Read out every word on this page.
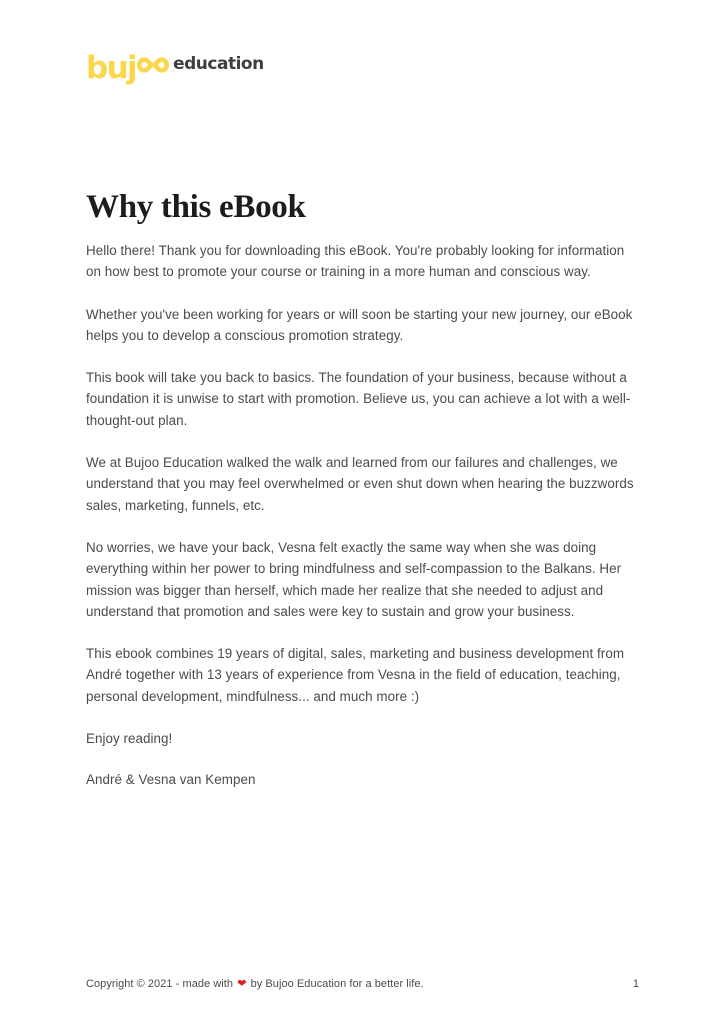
buj education
Why this eBook

Hello there! Thank you for downloading this eBook. You're probably looking for information on how best to promote your course or training in a more human and conscious way.

Whether you've been working for years or will soon be starting your new journey, our eBook helps you to develop a conscious promotion strategy.

This book will take you back to basics. The foundation of your business, because without a foundation it is unwise to start with promotion. Believe us, you can achieve a lot with a well-thought-out plan.

We at Bujoo Education walked the walk and learned from our failures and challenges, we understand that you may feel overwhelmed or even shut down when hearing the buzzwords sales, marketing, funnels, etc.

No worries, we have your back, Vesna felt exactly the same way when she was doing everything within her power to bring mindfulness and self-compassion to the Balkans. Her mission was bigger than herself, which made her realize that she needed to adjust and understand that promotion and sales were key to sustain and grow your business.

This ebook combines 19 years of digital, sales, marketing and business development from André together with 13 years of experience from Vesna in the field of education, teaching, personal development, mindfulness... and much more :)

Enjoy reading!

André & Vesna van Kempen

Copyright © 2021 - made with ❤ by Bujoo Education for a better life.	1
